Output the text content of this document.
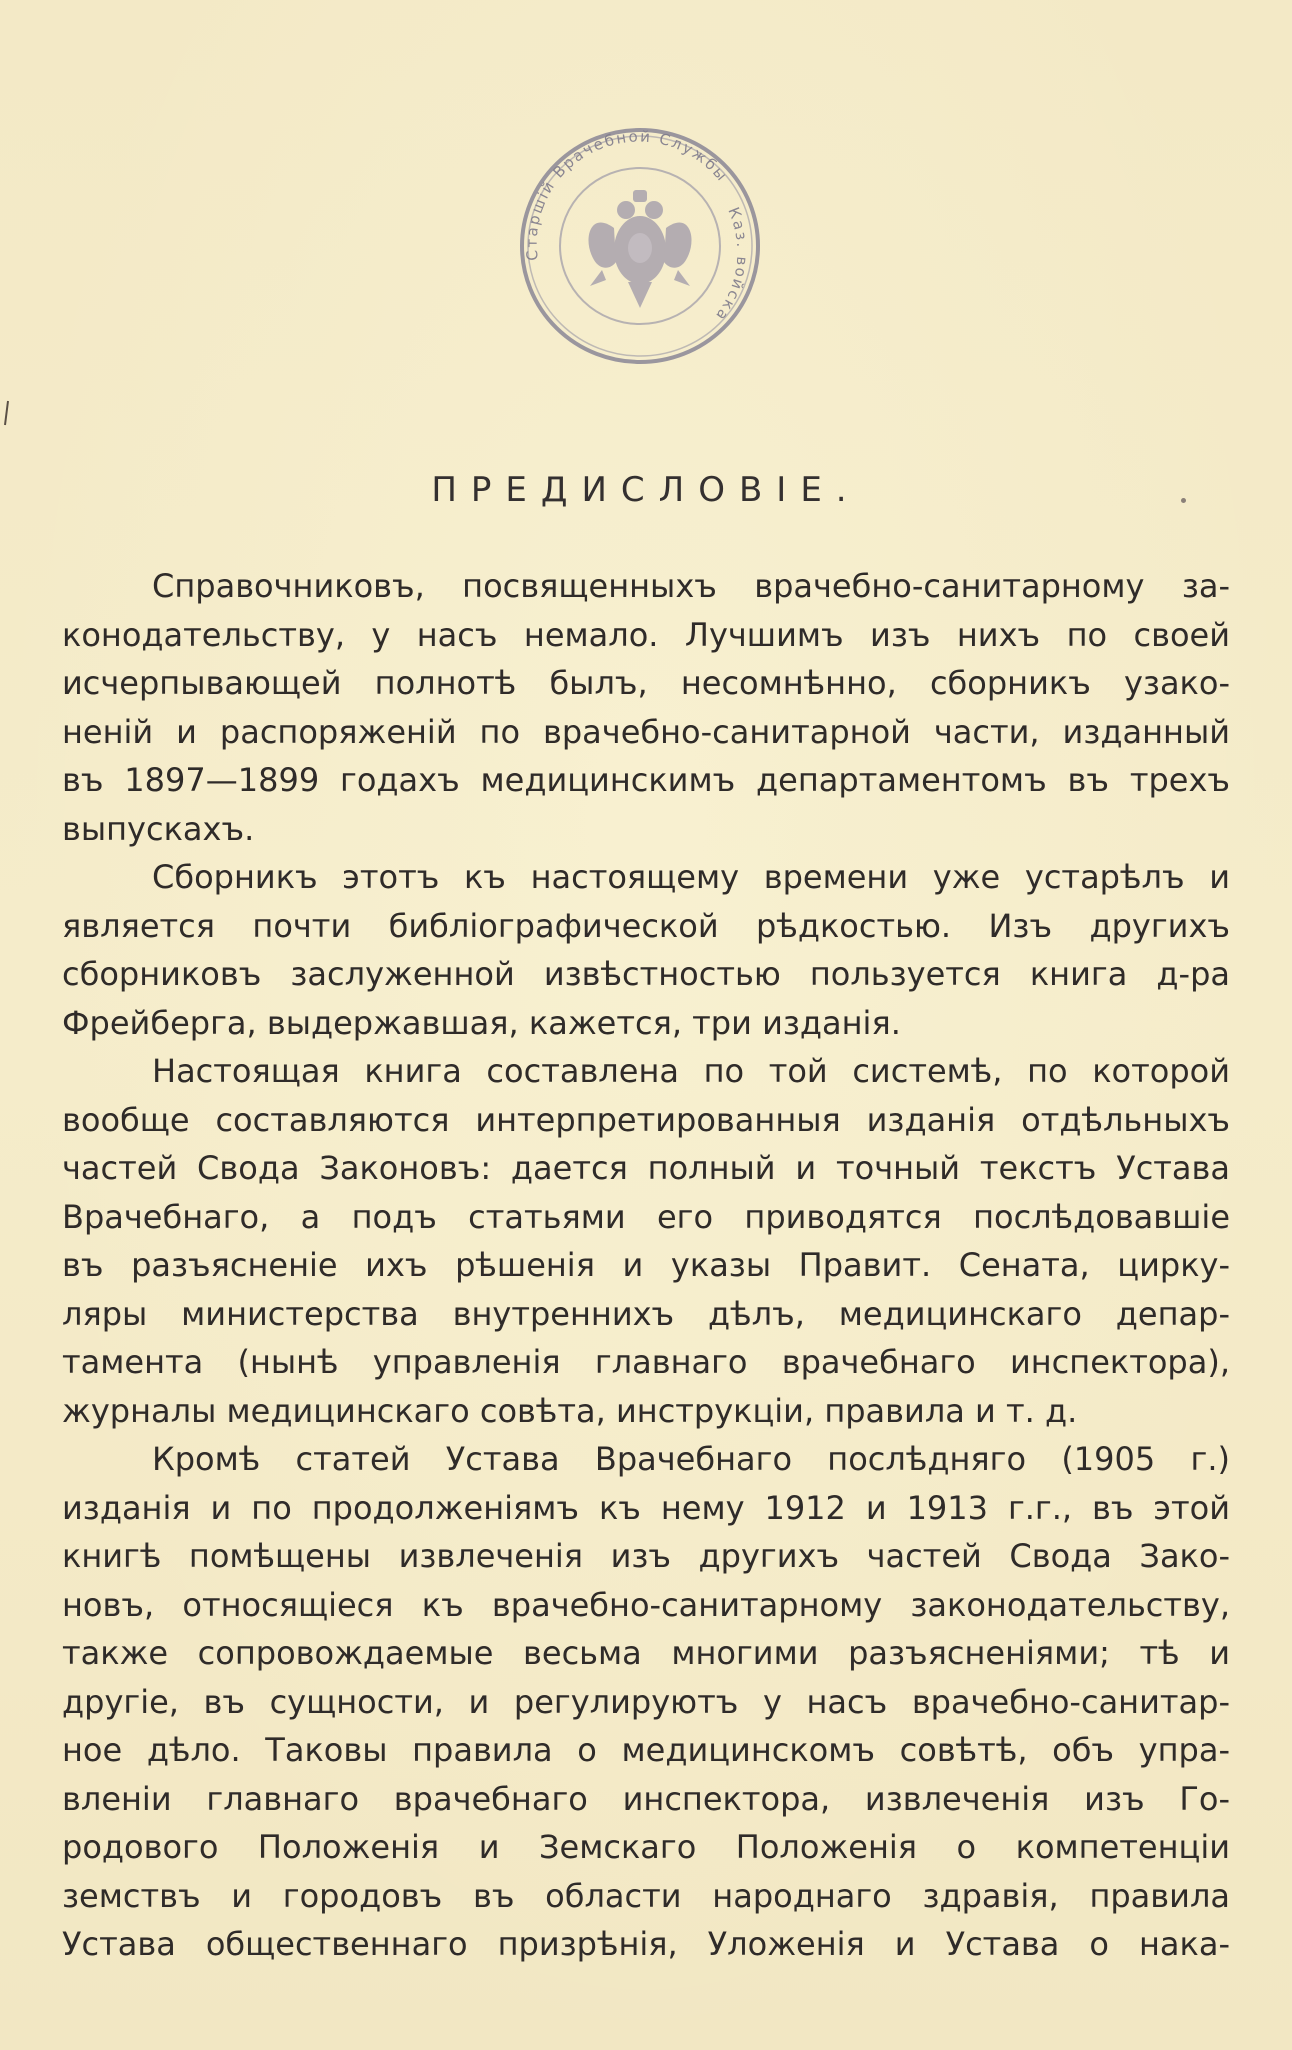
Старшій Врачебной Службы
Каз. войска
ПРЕДИСЛОВІЕ.

Справочниковъ, посвященныхъ врачебно-санитарному за-
конодательству, у насъ немало. Лучшимъ изъ нихъ по своей
исчерпывающей полнотѣ былъ, несомнѣнно, сборникъ узако-
неній и распоряженій по врачебно-санитарной части, изданный
въ 1897—1899 годахъ медицинскимъ департаментомъ въ трехъ
выпускахъ.

Сборникъ этотъ къ настоящему времени уже устарѣлъ и
является почти библіографической рѣдкостью. Изъ другихъ
сборниковъ заслуженной извѣстностью пользуется книга д-ра
Фрейберга, выдержавшая, кажется, три изданія.

Настоящая книга составлена по той системѣ, по которой
вообще составляются интерпретированныя изданія отдѣльныхъ
частей Свода Законовъ: дается полный и точный текстъ Устава
Врачебнаго, а подъ статьями его приводятся послѣдовавшіе
въ разъясненіе ихъ рѣшенія и указы Правит. Сената, цирку-
ляры министерства внутреннихъ дѣлъ, медицинскаго депар-
тамента (нынѣ управленія главнаго врачебнаго инспектора),
журналы медицинскаго совѣта, инструкціи, правила и т. д.

Кромѣ статей Устава Врачебнаго послѣдняго (1905 г.)
изданія и по продолженіямъ къ нему 1912 и 1913 г.г., въ этой
книгѣ помѣщены извлеченія изъ другихъ частей Свода Зако-
новъ, относящіеся къ врачебно-санитарному законодательству,
также сопровождаемые весьма многими разъясненіями; тѣ и
другіе, въ сущности, и регулируютъ у насъ врачебно-санитар-
ное дѣло. Таковы правила о медицинскомъ совѣтѣ, объ упра-
вленіи главнаго врачебнаго инспектора, извлеченія изъ Го-
родового Положенія и Земскаго Положенія о компетенціи
земствъ и городовъ въ области народнаго здравія, правила
Устава общественнаго призрѣнія, Уложенія и Устава о нака-
